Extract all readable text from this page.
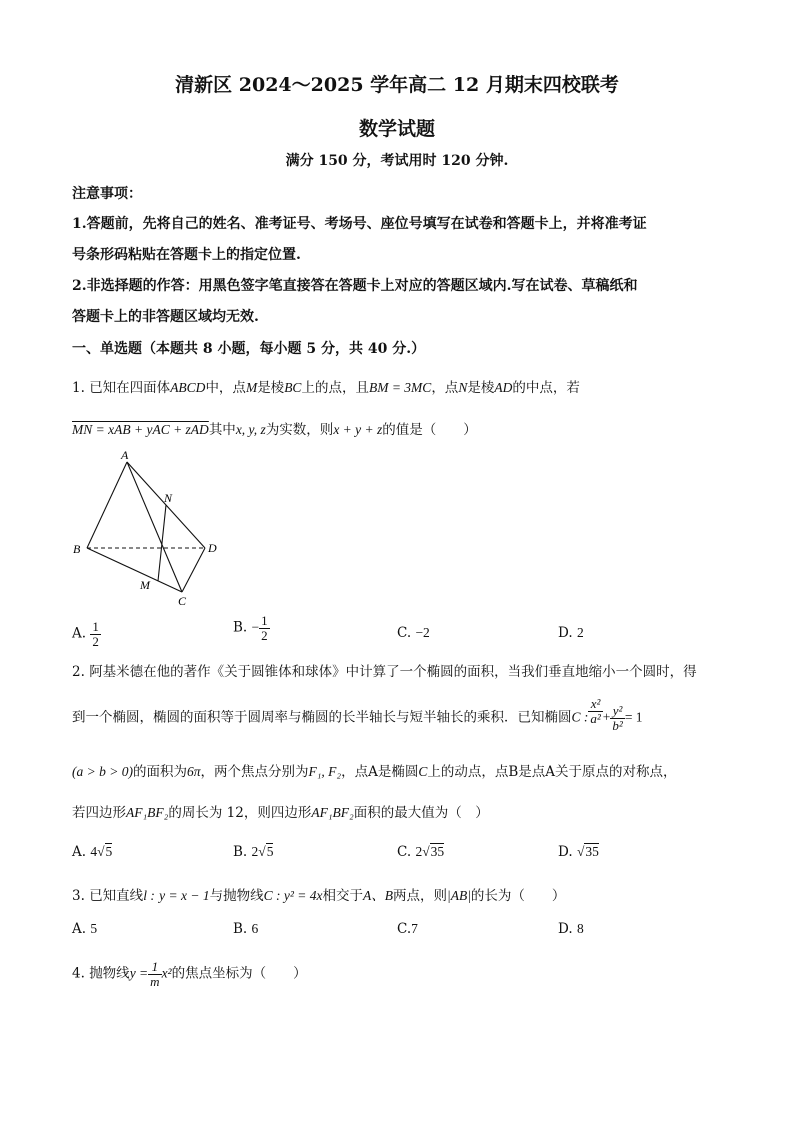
清新区 2024～2025 学年高二 12 月期末四校联考
数学试题
满分 150 分，考试用时 120 分钟.
注意事项：
1.答题前，先将自己的姓名、准考证号、考场号、座位号填写在试卷和答题卡上，并将准考证
号条形码粘贴在答题卡上的指定位置.
2.非选择题的作答：用黑色签字笔直接答在答题卡上对应的答题区域内.写在试卷、草稿纸和
答题卡上的非答题区域均无效.
一、单选题（本题共 8 小题，每小题 5 分，共 40 分.）
1. 已知在四面体ABCD中，点M是棱BC上的点，且BM = 3MC，点N是棱AD的中点，若
MN = xAB + yAC + zAD其中x, y, z为实数，则x + y + z的值是（　　）
A
B
C
D
M
N
A. $\frac{1}{2}$	B. − $\frac{1}{2}$	C. −2	D. 2
2. 阿基米德在他的著作《关于圆锥体和球体》中计算了一个椭圆的面积，当我们垂直地缩小一个圆时，得
到一个椭圆，椭圆的面积等于圆周率与椭圆的长半轴长与短半轴长的乘积．已知椭圆C : $\frac{\text{x²}}{\text{a²}} + \frac{\text{y²}}{\text{b²}} = 1$
(a > b > 0)的面积为6π，两个焦点分别为F₁, F₂，点A是椭圆C上的动点，点B是点A关于原点的对称点，
若四边形AF₁BF₂的周长为 12，则四边形AF₁BF₂面积的最大值为（　）
A. 4√5	B. 2√5	C. 2√35	D. √35
3. 已知直线l : y = x − 1与抛物线C : y² = 4x相交于A、B两点，则|AB|的长为（　　）
A. 5	B. 6	C.7	D. 8
4. 抛物线$y = \frac{1}{m} x^2$的焦点坐标为（　　）
